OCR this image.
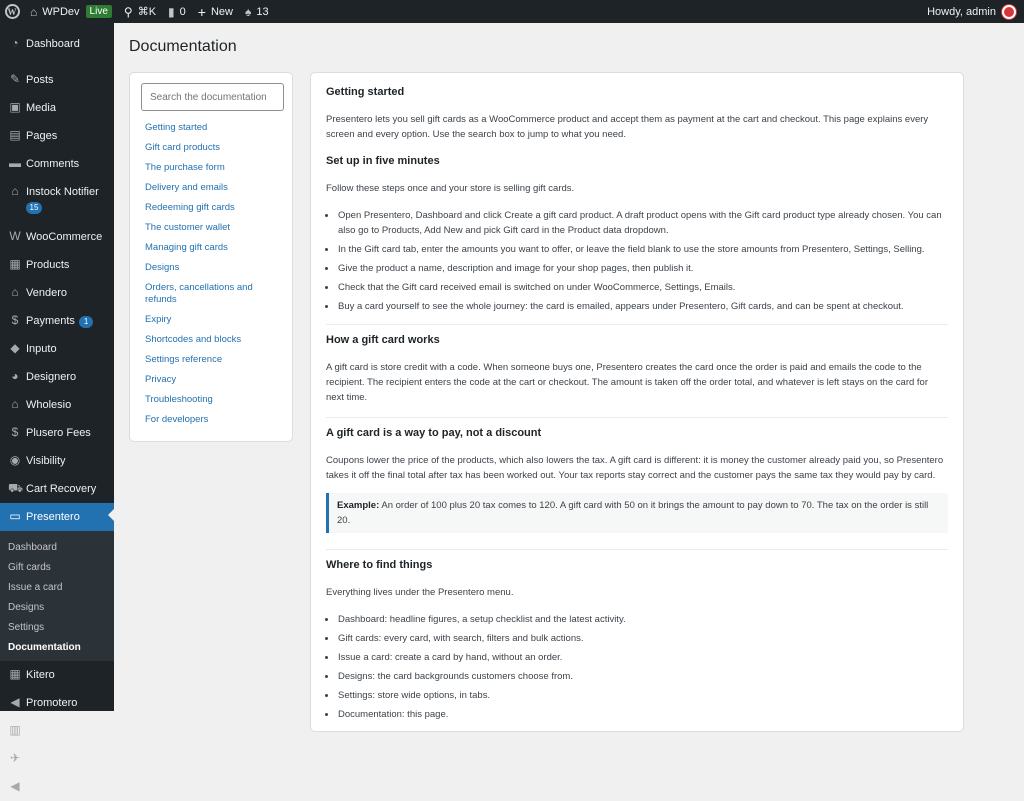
W ⌂ WPDev	Live	⚲ ⌘K ▮ 0 + New ♠ 13	Howdy, admin
◔ Dashboard
✎ Posts
▣ Media
▤ Pages
▬ Comments
⌂ Instock Notifier
15
W WooCommerce
▦ Products
⌂ Vendero
$ Payments 1
◆ Inputo
◕ Designero
⌂ Wholesio
$ Plusero Fees
◉ Visibility
⛟ Cart Recovery
▭ Presentero
Dashboard
Gift cards
Issue a card
Designs
Settings
Documentation
▦ Kitero
◀ Promotero
▥ Analytics
✈ Dispatchio
◀ Marketing
Documentation
Search the documentation
Getting started
Gift card products
The purchase form
Delivery and emails
Redeeming gift cards
The customer wallet
Managing gift cards
Designs
Orders, cancellations and refunds
Expiry
Shortcodes and blocks
Settings reference
Privacy
Troubleshooting
For developers
Getting started

Presentero lets you sell gift cards as a WooCommerce product and accept them as payment at the cart and checkout. This page explains every screen and every option. Use the search box to jump to what you need.

Set up in five minutes

Follow these steps once and your store is selling gift cards.

• Open Presentero, Dashboard and click Create a gift card product. A draft product opens with the Gift card product type already chosen. You can also go to Products, Add New and pick Gift card in the Product data dropdown.
• In the Gift card tab, enter the amounts you want to offer, or leave the field blank to use the store amounts from Presentero, Settings, Selling.
• Give the product a name, description and image for your shop pages, then publish it.
• Check that the Gift card received email is switched on under WooCommerce, Settings, Emails.
• Buy a card yourself to see the whole journey: the card is emailed, appears under Presentero, Gift cards, and can be spent at checkout.
How a gift card works

A gift card is store credit with a code. When someone buys one, Presentero creates the card once the order is paid and emails the code to the recipient. The recipient enters the code at the cart or checkout. The amount is taken off the order total, and whatever is left stays on the card for next time.

A gift card is a way to pay, not a discount

Coupons lower the price of the products, which also lowers the tax. A gift card is different: it is money the customer already paid you, so Presentero takes it off the final total after tax has been worked out. Your tax reports stay correct and the customer pays the same tax they would pay by card.

Example: An order of 100 plus 20 tax comes to 120. A gift card with 50 on it brings the amount to pay down to 70. The tax on the order is still 20.
Where to find things

Everything lives under the Presentero menu.

• Dashboard: headline figures, a setup checklist and the latest activity.
• Gift cards: every card, with search, filters and bulk actions.
• Issue a card: create a card by hand, without an order.
• Designs: the card backgrounds customers choose from.
• Settings: store wide options, in tabs.
• Documentation: this page.
